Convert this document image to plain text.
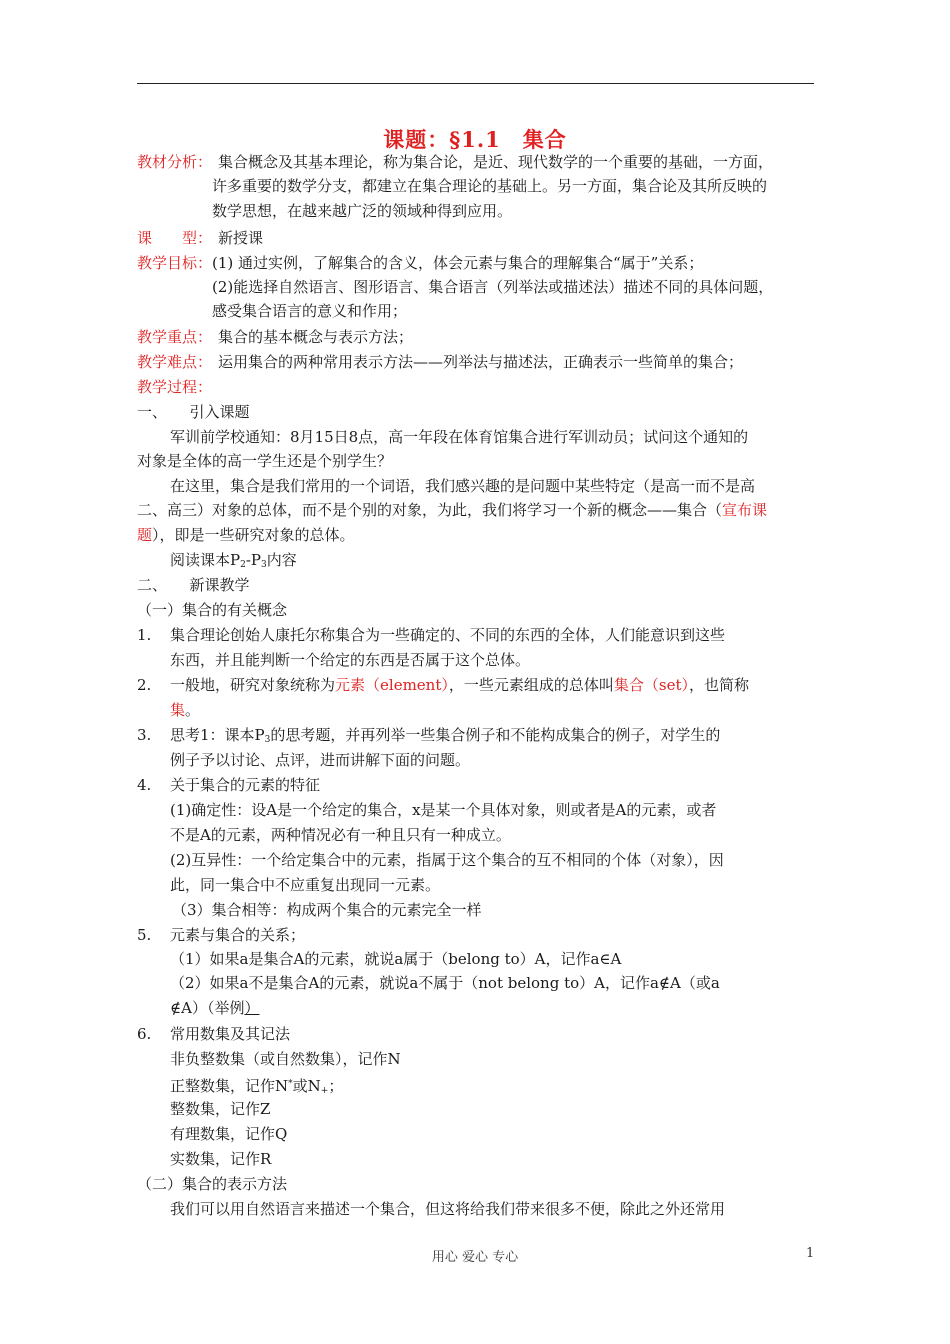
课题：§1.1　集合
教材分析： 集合概念及其基本理论，称为集合论，是近、现代数学的一个重要的基础，一方面，
许多重要的数学分支，都建立在集合理论的基础上。另一方面，集合论及其所反映的
数学思想，在越来越广泛的领域种得到应用。
课　　型： 新授课
教学目标： (1) 通过实例，了解集合的含义，体会元素与集合的理解集合“属于”关系；
(2)能选择自然语言、图形语言、集合语言（列举法或描述法）描述不同的具体问题，
感受集合语言的意义和作用；
教学重点： 集合的基本概念与表示方法；
教学难点： 运用集合的两种常用表示方法——列举法与描述法，正确表示一些简单的集合；
教学过程：
一、　　引入课题
军训前学校通知：8月15日8点，高一年段在体育馆集合进行军训动员；试问这个通知的
对象是全体的高一学生还是个别学生？
在这里，集合是我们常用的一个词语，我们感兴趣的是问题中某些特定（是高一而不是高
二、高三）对象的总体，而不是个别的对象，为此，我们将学习一个新的概念——集合（宣布课
题），即是一些研究对象的总体。
阅读课本$P_2-P_3$内容
二、　　新课教学
（一）集合的有关概念
1. 集合理论创始人康托尔称集合为一些确定的、不同的东西的全体，人们能意识到这些
东西，并且能判断一个给定的东西是否属于这个总体。
2. 一般地，研究对象统称为元素（element），一些元素组成的总体叫集合（set），也简称
集。
3. 思考1：课本$P_3$的思考题，并再列举一些集合例子和不能构成集合的例子，对学生的
例子予以讨论、点评，进而讲解下面的问题。
4. 关于集合的元素的特征
(1)确定性：设A是一个给定的集合，x是某一个具体对象，则或者是A的元素，或者
不是A的元素，两种情况必有一种且只有一种成立。
(2)互异性：一个给定集合中的元素，指属于这个集合的互不相同的个体（对象），因
此，同一集合中不应重复出现同一元素。
（3）集合相等：构成两个集合的元素完全一样
5. 元素与集合的关系；
（1）如果a是集合A的元素，就说a属于（belong to）A，记作a∈A
（2）如果a不是集合A的元素，就说a不属于（not belong to）A，记作a∉A（或a
∉A）（举例）
6. 常用数集及其记法
非负整数集（或自然数集），记作N
正整数集，记作N*或$N_+$；
整数集，记作Z
有理数集，记作Q
实数集，记作R
（二）集合的表示方法
我们可以用自然语言来描述一个集合，但这将给我们带来很多不便，除此之外还常用
用心 爱心 专心	1
